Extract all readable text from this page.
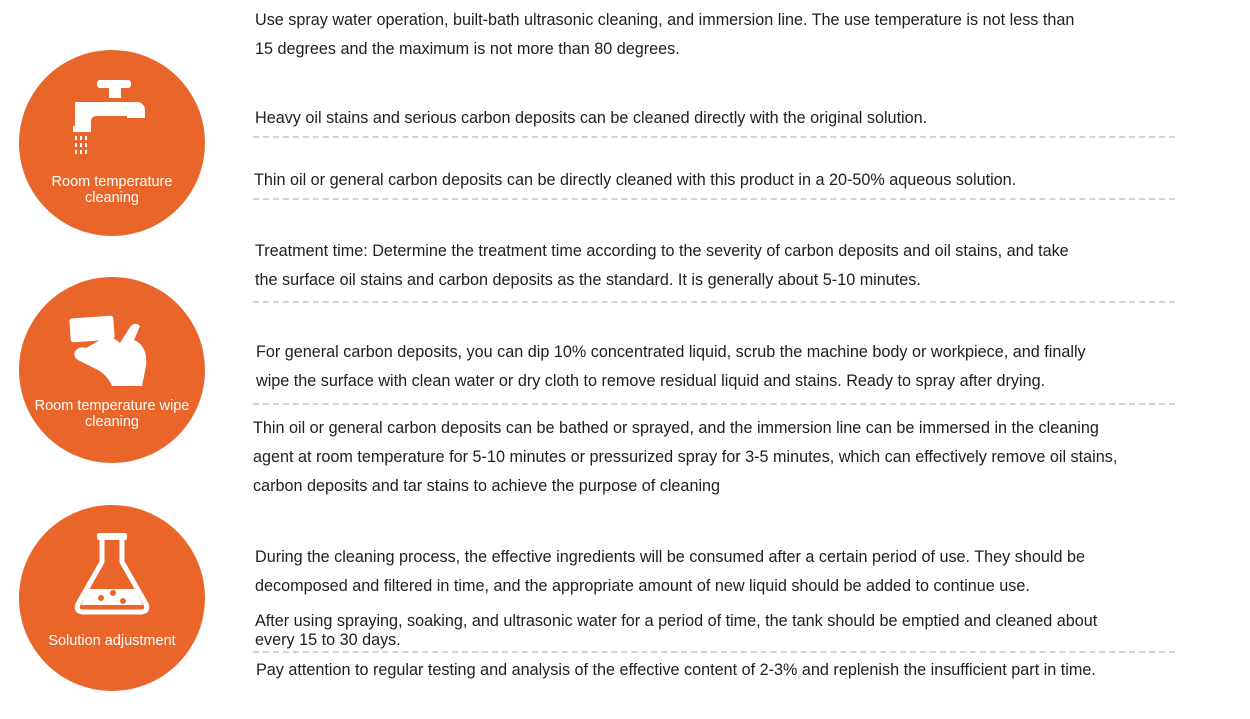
Room temperature cleaning
Room temperature wipe cleaning
Solution adjustment
Use spray water operation, built-bath ultrasonic cleaning, and immersion line. The use temperature is not less than
15 degrees and the maximum is not more than 80 degrees.
Heavy oil stains and serious carbon deposits can be cleaned directly with the original solution.
Thin oil or general carbon deposits can be directly cleaned with this product in a 20-50% aqueous solution.
Treatment time: Determine the treatment time according to the severity of carbon deposits and oil stains, and take
the surface oil stains and carbon deposits as the standard. It is generally about 5-10 minutes.
For general carbon deposits, you can dip 10% concentrated liquid, scrub the machine body or workpiece, and finally
wipe the surface with clean water or dry cloth to remove residual liquid and stains. Ready to spray after drying.
Thin oil or general carbon deposits can be bathed or sprayed, and the immersion line can be immersed in the cleaning
agent at room temperature for 5-10 minutes or pressurized spray for 3-5 minutes, which can effectively remove oil stains,
carbon deposits and tar stains to achieve the purpose of cleaning
During the cleaning process, the effective ingredients will be consumed after a certain period of use. They should be
decomposed and filtered in time, and the appropriate amount of new liquid should be added to continue use.
After using spraying, soaking, and ultrasonic water for a period of time, the tank should be emptied and cleaned about
every 15 to 30 days.
Pay attention to regular testing and analysis of the effective content of 2-3% and replenish the insufficient part in time.
